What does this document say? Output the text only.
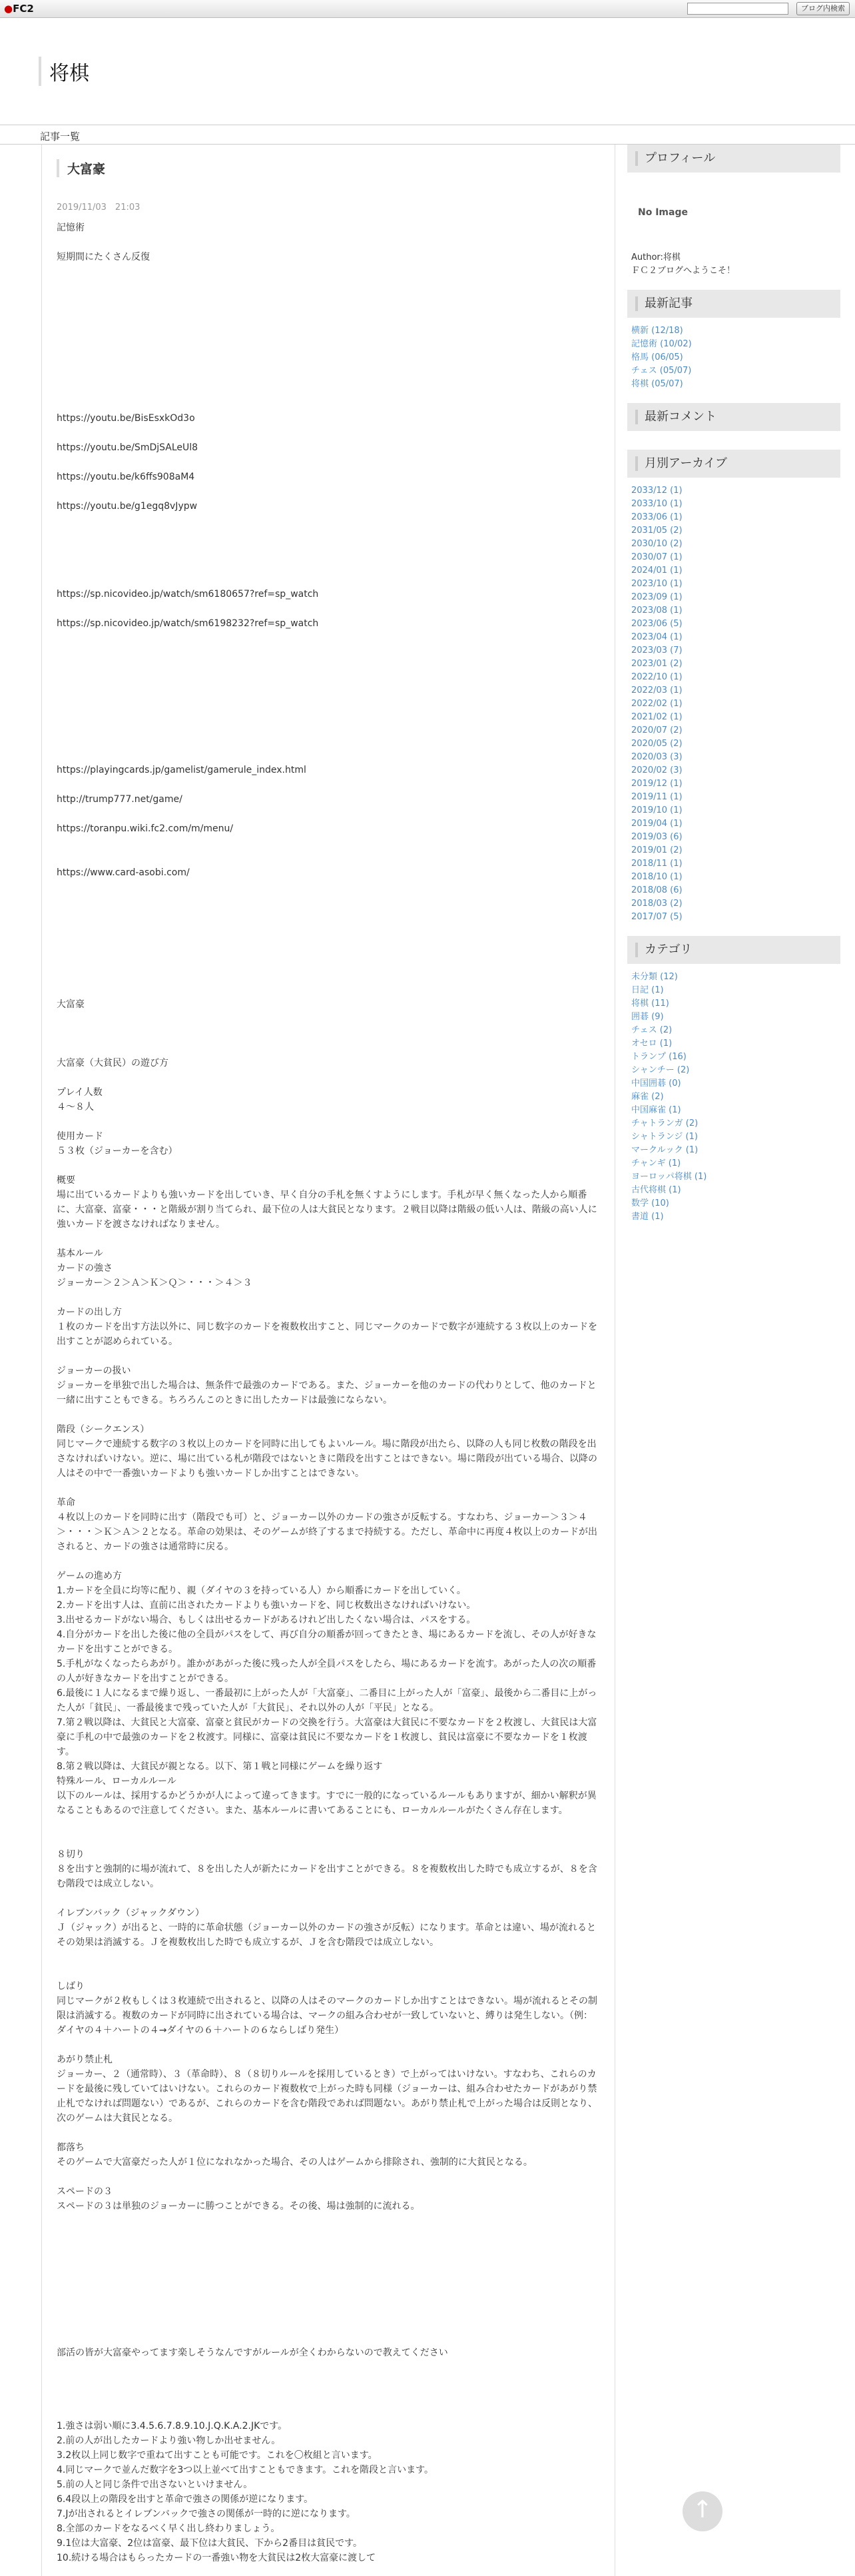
●FC2	ブログ内検索
将棋
記事一覧
大富豪
2019/11/03　21:03
記憶術
短期間にたくさん反復
https://youtu.be/BisEsxkOd3o
https://youtu.be/SmDjSALeUl8
https://youtu.be/k6ffs908aM4
https://youtu.be/g1egq8vJypw
https://sp.nicovideo.jp/watch/sm6180657?ref=sp_watch
https://sp.nicovideo.jp/watch/sm6198232?ref=sp_watch
https://playingcards.jp/gamelist/gamerule_index.html
http://trump777.net/game/
https://toranpu.wiki.fc2.com/m/menu/
https://www.card-asobi.com/
大富豪
大富豪（大貧民）の遊び方
プレイ人数
４〜８人
使用カード
５３枚（ジョーカーを含む）
概要
場に出ているカードよりも強いカードを出していき、早く自分の手札を無くすようにします。手札が早く無くなった人から順番に、大富豪、富豪・・・と階級が割り当てられ、最下位の人は大貧民となります。２戦目以降は階級の低い人は、階級の高い人に強いカードを渡さなければなりません。
基本ルール
カードの強さ
ジョーカー＞２＞Ａ＞Ｋ＞Ｑ＞・・・＞４＞３
カードの出し方
１枚のカードを出す方法以外に、同じ数字のカードを複数枚出すこと、同じマークのカードで数字が連続する３枚以上のカードを出すことが認められている。
ジョーカーの扱い
ジョーカーを単独で出した場合は、無条件で最強のカードである。また、ジョーカーを他のカードの代わりとして、他のカードと一緒に出すこともできる。ちろろんこのときに出したカードは最強にならない。
階段（シークエンス）
同じマークで連続する数字の３枚以上のカードを同時に出してもよいルール。場に階段が出たら、以降の人も同じ枚数の階段を出さなければいけない。逆に、場に出ている札が階段ではないときに階段を出すことはできない。場に階段が出ている場合、以降の人はその中で一番強いカードよりも強いカードしか出すことはできない。
革命
４枚以上のカードを同時に出す（階段でも可）と、ジョーカー以外のカードの強さが反転する。すなわち、ジョーカー＞３＞４＞・・・＞Ｋ＞Ａ＞２となる。革命の効果は、そのゲームが終了するまで持続する。ただし、革命中に再度４枚以上のカードが出されると、カードの強さは通常時に戻る。
ゲームの進め方
1.カードを全員に均等に配り、親（ダイヤの３を持っている人）から順番にカードを出していく。
2.カードを出す人は、直前に出されたカードよりも強いカードを、同じ枚数出さなければいけない。
3.出せるカードがない場合、もしくは出せるカードがあるけれど出したくない場合は、パスをする。
4.自分がカードを出した後に他の全員がパスをして、再び自分の順番が回ってきたとき、場にあるカードを流し、その人が好きなカードを出すことができる。
5.手札がなくなったらあがり。誰かがあがった後に残った人が全員パスをしたら、場にあるカードを流す。あがった人の次の順番の人が好きなカードを出すことができる。
6.最後に１人になるまで繰り返し、一番最初に上がった人が「大富豪」、二番目に上がった人が「富豪」、最後から二番目に上がった人が「貧民」、一番最後まで残っていた人が「大貧民」、それ以外の人が「平民」となる。
7.第２戦以降は、大貧民と大富豪、富豪と貧民がカードの交換を行う。大富豪は大貧民に不要なカードを２枚渡し、大貧民は大富豪に手札の中で最強のカードを２枚渡す。同様に、富豪は貧民に不要なカードを１枚渡し、貧民は富豪に不要なカードを１枚渡す。
8.第２戦以降は、大貧民が親となる。以下、第１戦と同様にゲームを繰り返す
特殊ルール、ローカルルール
以下のルールは、採用するかどうかが人によって違ってきます。すでに一般的になっているルールもありますが、細かい解釈が異なることもあるので注意してください。また、基本ルールに書いてあることにも、ローカルルールがたくさん存在します。
８切り
８を出すと強制的に場が流れて、８を出した人が新たにカードを出すことができる。８を複数枚出した時でも成立するが、８を含む階段では成立しない。
イレブンバック（ジャックダウン）
Ｊ（ジャック）が出ると、一時的に革命状態（ジョーカー以外のカードの強さが反転）になります。革命とは違い、場が流れるとその効果は消滅する。Ｊを複数枚出した時でも成立するが、Ｊを含む階段では成立しない。
しばり
同じマークが２枚もしくは３枚連続で出されると、以降の人はそのマークのカードしか出すことはできない。場が流れるとその制限は消滅する。複数のカードが同時に出されている場合は、マークの組み合わせが一致していないと、縛りは発生しない。（例：ダイヤの４＋ハートの４→ダイヤの６＋ハートの６ならしばり発生）
あがり禁止札
ジョーカー、２（通常時）、３（革命時）、８（８切りルールを採用しているとき）で上がってはいけない。すなわち、これらのカードを最後に残していてはいけない。これらのカード複数枚で上がった時も同様（ジョーカーは、組み合わせたカードがあがり禁止札でなければ問題ない）であるが、これらのカードを含む階段であれば問題ない。あがり禁止札で上がった場合は反則となり、次のゲームは大貧民となる。
都落ち
そのゲームで大富豪だった人が１位になれなかった場合、その人はゲームから排除され、強制的に大貧民となる。
スペードの３
スペードの３は単独のジョーカーに勝つことができる。その後、場は強制的に流れる。
部活の皆が大富豪やってます楽しそうなんですがルールが全くわからないので教えてください
1.強さは弱い順に3.4.5.6.7.8.9.10.J.Q.K.A.2.JKです。
2.前の人が出したカードより強い物しか出せません。
3.2枚以上同じ数字で重ねて出すことも可能です。これを〇枚組と言います。
4.同じマークで並んだ数字を3つ以上並べて出すこともできます。これを階段と言います。
5.前の人と同じ条件で出さないといけません。
6.4段以上の階段を出すと革命で強さの関係が逆になります。
7.Jが出されるとイレブンバックで強さの関係が一時的に逆になります。
8.全部のカードをなるべく早く出し終わりましょう。
9.1位は大富豪、2位は富豪、最下位は大貧民、下から2番目は貧民です。
10.続ける場合はもらったカードの一番強い物を大貧民は2枚大富豪に渡して
プロフィール
No Image
Author:将棋
ＦＣ２ブログへようこそ！
最新記事
横新 (12/18)
記憶術 (10/02)
格馬 (06/05)
チェス (05/07)
将棋 (05/07)
最新コメント
月別アーカイブ
2033/12 (1)
2033/10 (1)
2033/06 (1)
2031/05 (2)
2030/10 (2)
2030/07 (1)
2024/01 (1)
2023/10 (1)
2023/09 (1)
2023/08 (1)
2023/06 (5)
2023/04 (1)
2023/03 (7)
2023/01 (2)
2022/10 (1)
2022/03 (1)
2022/02 (1)
2021/02 (1)
2020/07 (2)
2020/05 (2)
2020/03 (3)
2020/02 (3)
2019/12 (1)
2019/11 (1)
2019/10 (1)
2019/04 (1)
2019/03 (6)
2019/01 (2)
2018/11 (1)
2018/10 (1)
2018/08 (6)
2018/03 (2)
2017/07 (5)
カテゴリ
未分類 (12)
日記 (1)
将棋 (11)
囲碁 (9)
チェス (2)
オセロ (1)
トランプ (16)
シャンチー (2)
中国囲碁 (0)
麻雀 (2)
中国麻雀 (1)
チャトランガ (2)
シャトランジ (1)
マークルック (1)
チャンギ (1)
ヨーロッパ将棋 (1)
古代将棋 (1)
数学 (10)
書道 (1)
↑
